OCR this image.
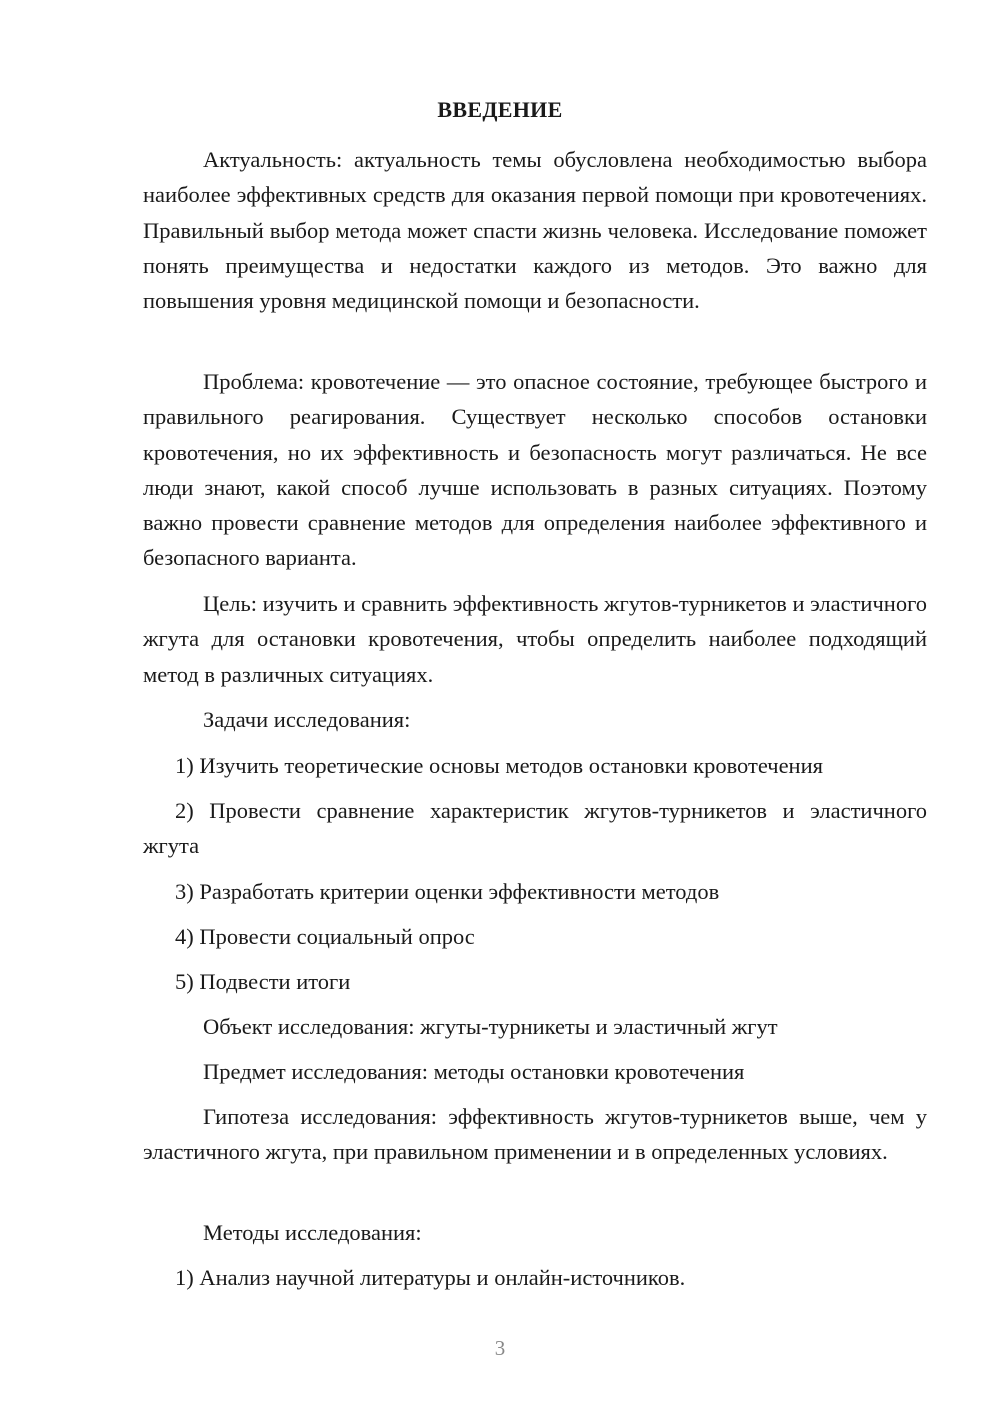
ВВЕДЕНИЕ

Актуальность: актуальность темы обусловлена необходимостью выбора наиболее эффективных средств для оказания первой помощи при кровотечениях. Правильный выбор метода может спасти жизнь человека. Исследование поможет понять преимущества и недостатки каждого из методов. Это важно для повышения уровня медицинской помощи и безопасности.

Проблема: кровотечение — это опасное состояние, требующее быстрого и правильного реагирования. Существует несколько способов остановки кровотечения, но их эффективность и безопасность могут различаться. Не все люди знают, какой способ лучше использовать в разных ситуациях. Поэтому важно провести сравнение методов для определения наиболее эффективного и безопасного варианта.

Цель: изучить и сравнить эффективность жгутов-турникетов и эластичного жгута для остановки кровотечения, чтобы определить наиболее подходящий метод в различных ситуациях.

Задачи исследования:

1) Изучить теоретические основы методов остановки кровотечения

2) Провести сравнение характеристик жгутов-турникетов и эластичного жгута

3) Разработать критерии оценки эффективности методов

4) Провести социальный опрос

5) Подвести итоги

Объект исследования: жгуты-турникеты и эластичный жгут

Предмет исследования: методы остановки кровотечения

Гипотеза исследования: эффективность жгутов-турникетов выше, чем у эластичного жгута, при правильном применении и в определенных условиях.

Методы исследования:

1) Анализ научной литературы и онлайн-источников.

3
